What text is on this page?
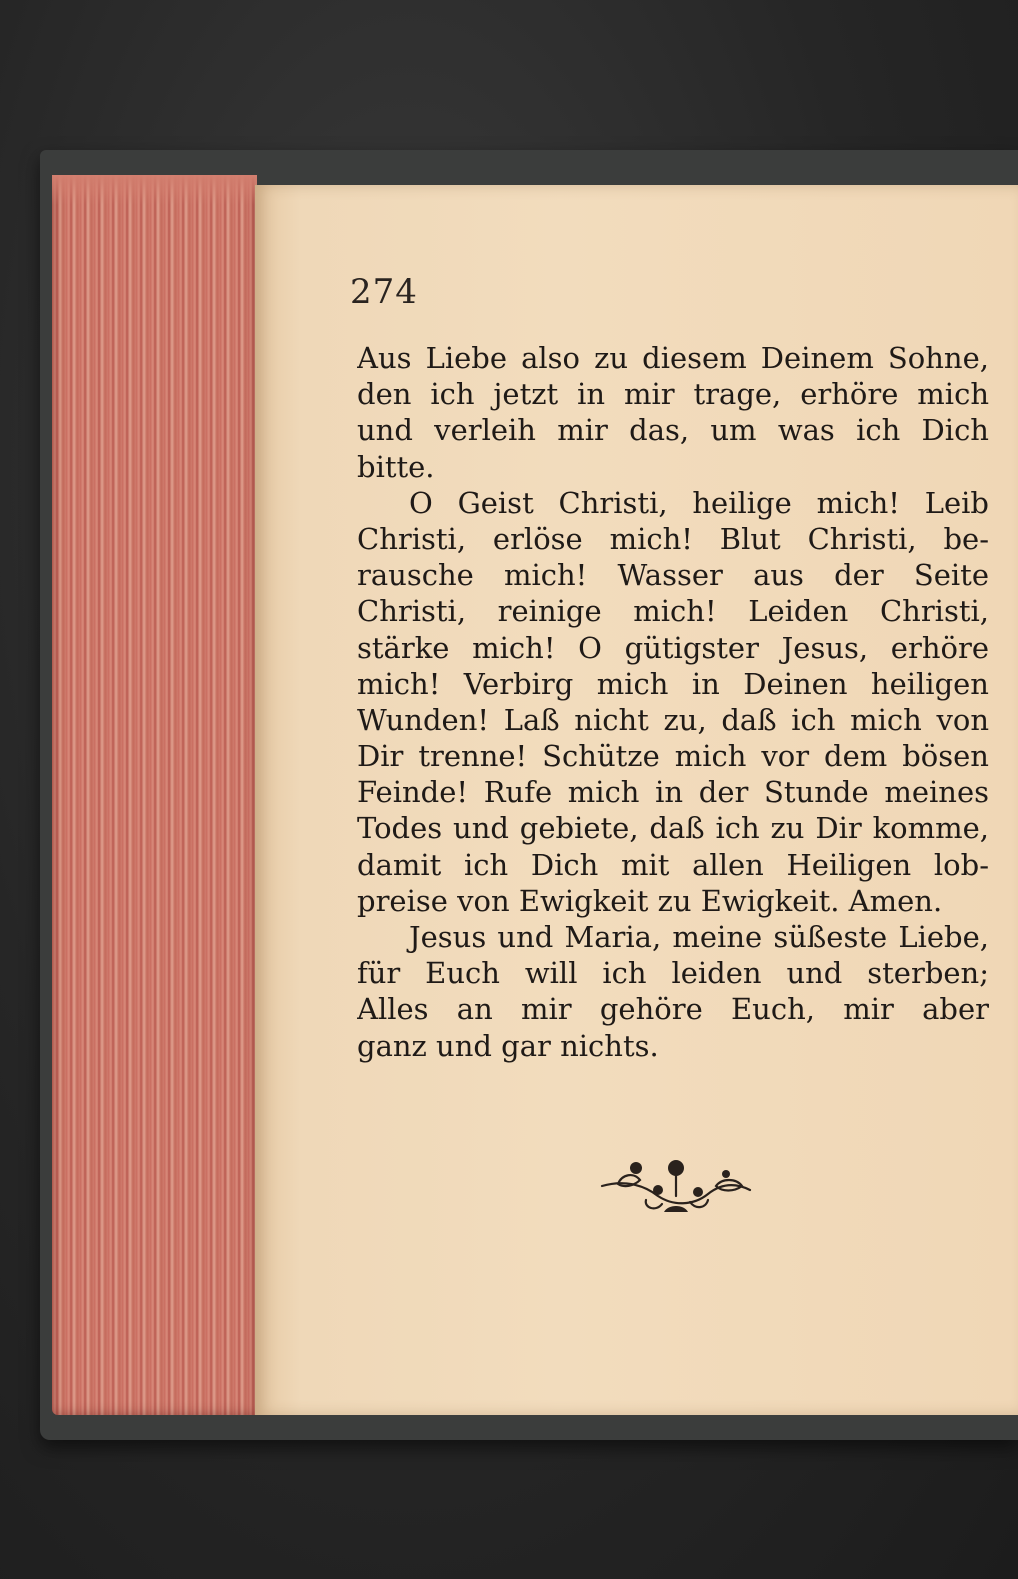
274
Aus Liebe also zu diesem Deinem Sohne,
den ich jetzt in mir trage, erhöre mich
und verleih mir das, um was ich Dich
bitte.
O Geist Christi, heilige mich! Leib
Christi, erlöse mich! Blut Christi, be-
rausche mich! Wasser aus der Seite
Christi, reinige mich! Leiden Christi,
stärke mich! O gütigster Jesus, erhöre
mich! Verbirg mich in Deinen heiligen
Wunden! Laß nicht zu, daß ich mich von
Dir trenne! Schütze mich vor dem bösen
Feinde! Rufe mich in der Stunde meines
Todes und gebiete, daß ich zu Dir komme,
damit ich Dich mit allen Heiligen lob-
preise von Ewigkeit zu Ewigkeit. Amen.
Jesus und Maria, meine süßeste Liebe,
für Euch will ich leiden und sterben;
Alles an mir gehöre Euch, mir aber
ganz und gar nichts.
